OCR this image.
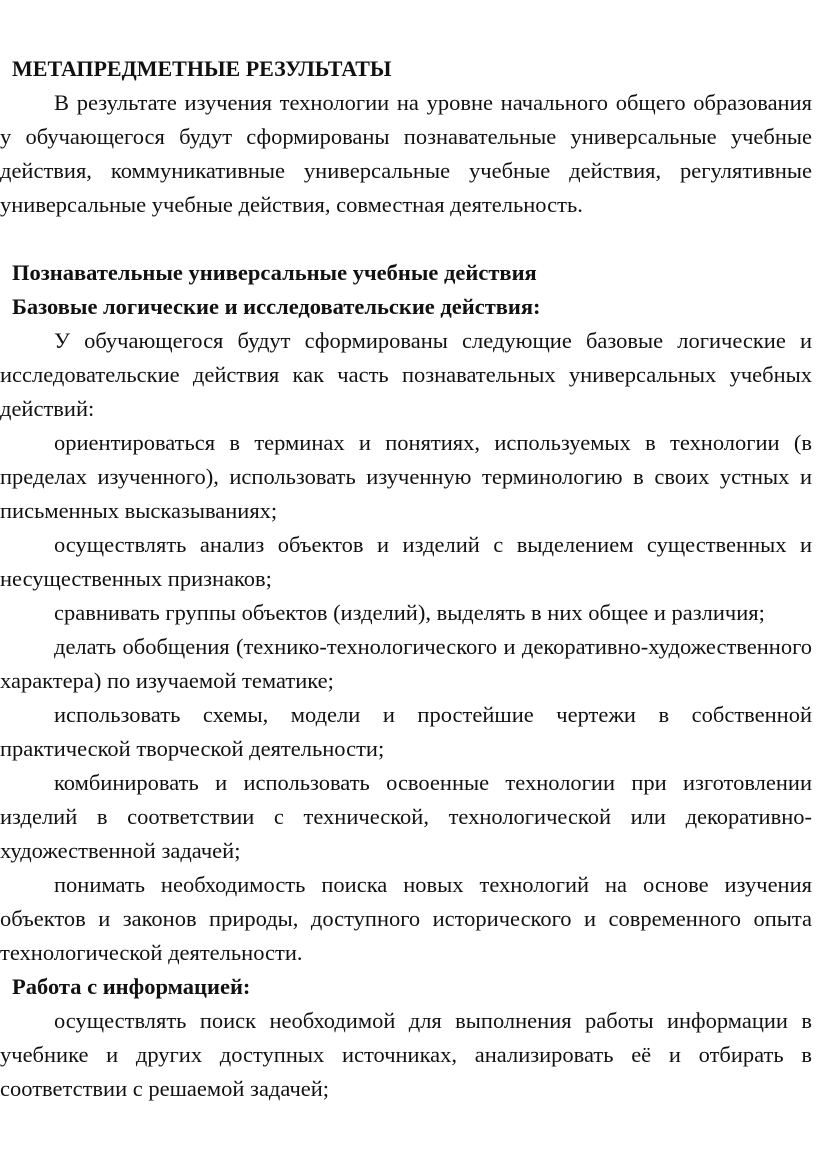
МЕТАПРЕДМЕТНЫЕ РЕЗУЛЬТАТЫ

В результате изучения технологии на уровне начального общего образования у обучающегося будут сформированы познавательные универсальные учебные действия, коммуникативные универсальные учебные действия, регулятивные универсальные учебные действия, совместная деятельность.

Познавательные универсальные учебные действия

Базовые логические и исследовательские действия:

У обучающегося будут сформированы следующие базовые логические и исследовательские действия как часть познавательных универсальных учебных действий:

ориентироваться в терминах и понятиях, используемых в технологии (в пределах изученного), использовать изученную терминологию в своих устных и письменных высказываниях;

осуществлять анализ объектов и изделий с выделением существенных и несущественных признаков;

сравнивать группы объектов (изделий), выделять в них общее и различия;

делать обобщения (технико-технологического и декоративно-художественного характера) по изучаемой тематике;

использовать схемы, модели и простейшие чертежи в собственной практической творческой деятельности;

комбинировать и использовать освоенные технологии при изготовлении изделий в соответствии с технической, технологической или декоративно-художественной задачей;

понимать необходимость поиска новых технологий на основе изучения объектов и законов природы, доступного исторического и современного опыта технологической деятельности.

Работа с информацией:

осуществлять поиск необходимой для выполнения работы информации в учебнике и других доступных источниках, анализировать её и отбирать в соответствии с решаемой задачей;
